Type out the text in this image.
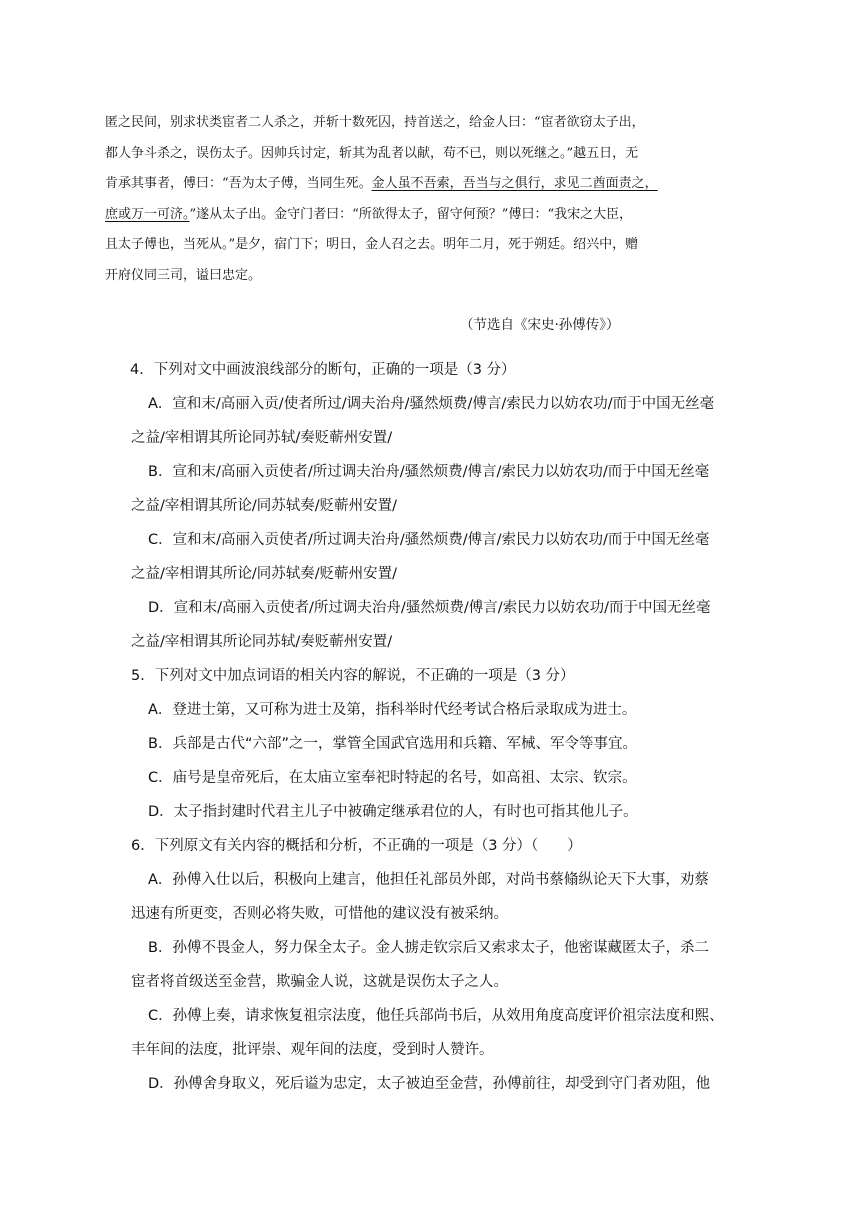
匿之民间，别求状类宦者二人杀之，并斩十数死囚，持首送之，给金人曰：“宦者欲窃太子出，

都人争斗杀之，误伤太子。因帅兵讨定，斩其为乱者以献，苟不已，则以死继之。”越五日，无

肯承其事者，傅曰：“吾为太子傅，当同生死。金人虽不吾索，吾当与之俱行，求见二酋面责之，

庶或万一可济。”遂从太子出。金守门者曰：“所欲得太子，留守何预？”傅曰：“我宋之大臣，

且太子傅也，当死从。”是夕，宿门下；明日，金人召之去。明年二月，死于朔廷。绍兴中，赠

开府仪同三司，谥曰忠定。

（节选自《宋史·孙傅传》）
4．下列对文中画波浪线部分的断句，正确的一项是（3 分）
A．宣和末/高丽入贡/使者所过/调夫治舟/骚然烦费/傅言/索民力以妨农功/而于中国无丝毫
之益/宰相谓其所论同苏轼/奏贬蕲州安置/
B．宣和末/高丽入贡使者/所过调夫治舟/骚然烦费/傅言/索民力以妨农功/而于中国无丝毫
之益/宰相谓其所论/同苏轼奏/贬蕲州安置/
C．宣和末/高丽入贡使者/所过调夫治舟/骚然烦费/傅言/索民力以妨农功/而于中国无丝毫
之益/宰相谓其所论/同苏轼奏/贬蕲州安置/
D．宣和末/高丽入贡使者/所过调夫治舟/骚然烦费/傅言/索民力以妨农功/而于中国无丝毫
之益/宰相谓其所论同苏轼/奏贬蕲州安置/
5．下列对文中加点词语的相关内容的解说，不正确的一项是（3 分）
A．登进士第，又可称为进士及第，指科举时代经考试合格后录取成为进士。
B．兵部是古代“六部”之一，掌管全国武官选用和兵籍、军械、军令等事宜。
C．庙号是皇帝死后，在太庙立室奉祀时特起的名号，如高祖、太宗、钦宗。
D．太子指封建时代君主儿子中被确定继承君位的人，有时也可指其他儿子。
6．下列原文有关内容的概括和分析，不正确的一项是（3 分）（　　）
A．孙傅入仕以后，积极向上建言，他担任礼部员外郎，对尚书蔡翛纵论天下大事，劝蔡
迅速有所更变，否则必将失败，可惜他的建议没有被采纳。
B．孙傅不畏金人，努力保全太子。金人掳走钦宗后又索求太子，他密谋藏匿太子，杀二
宦者将首级送至金营，欺骗金人说，这就是误伤太子之人。
C．孙傅上奏，请求恢复祖宗法度，他任兵部尚书后，从效用角度高度评价祖宗法度和熙、
丰年间的法度，批评崇、观年间的法度，受到时人赞许。
D．孙傅舍身取义，死后谥为忠定，太子被迫至金营，孙傅前往，却受到守门者劝阻，他
